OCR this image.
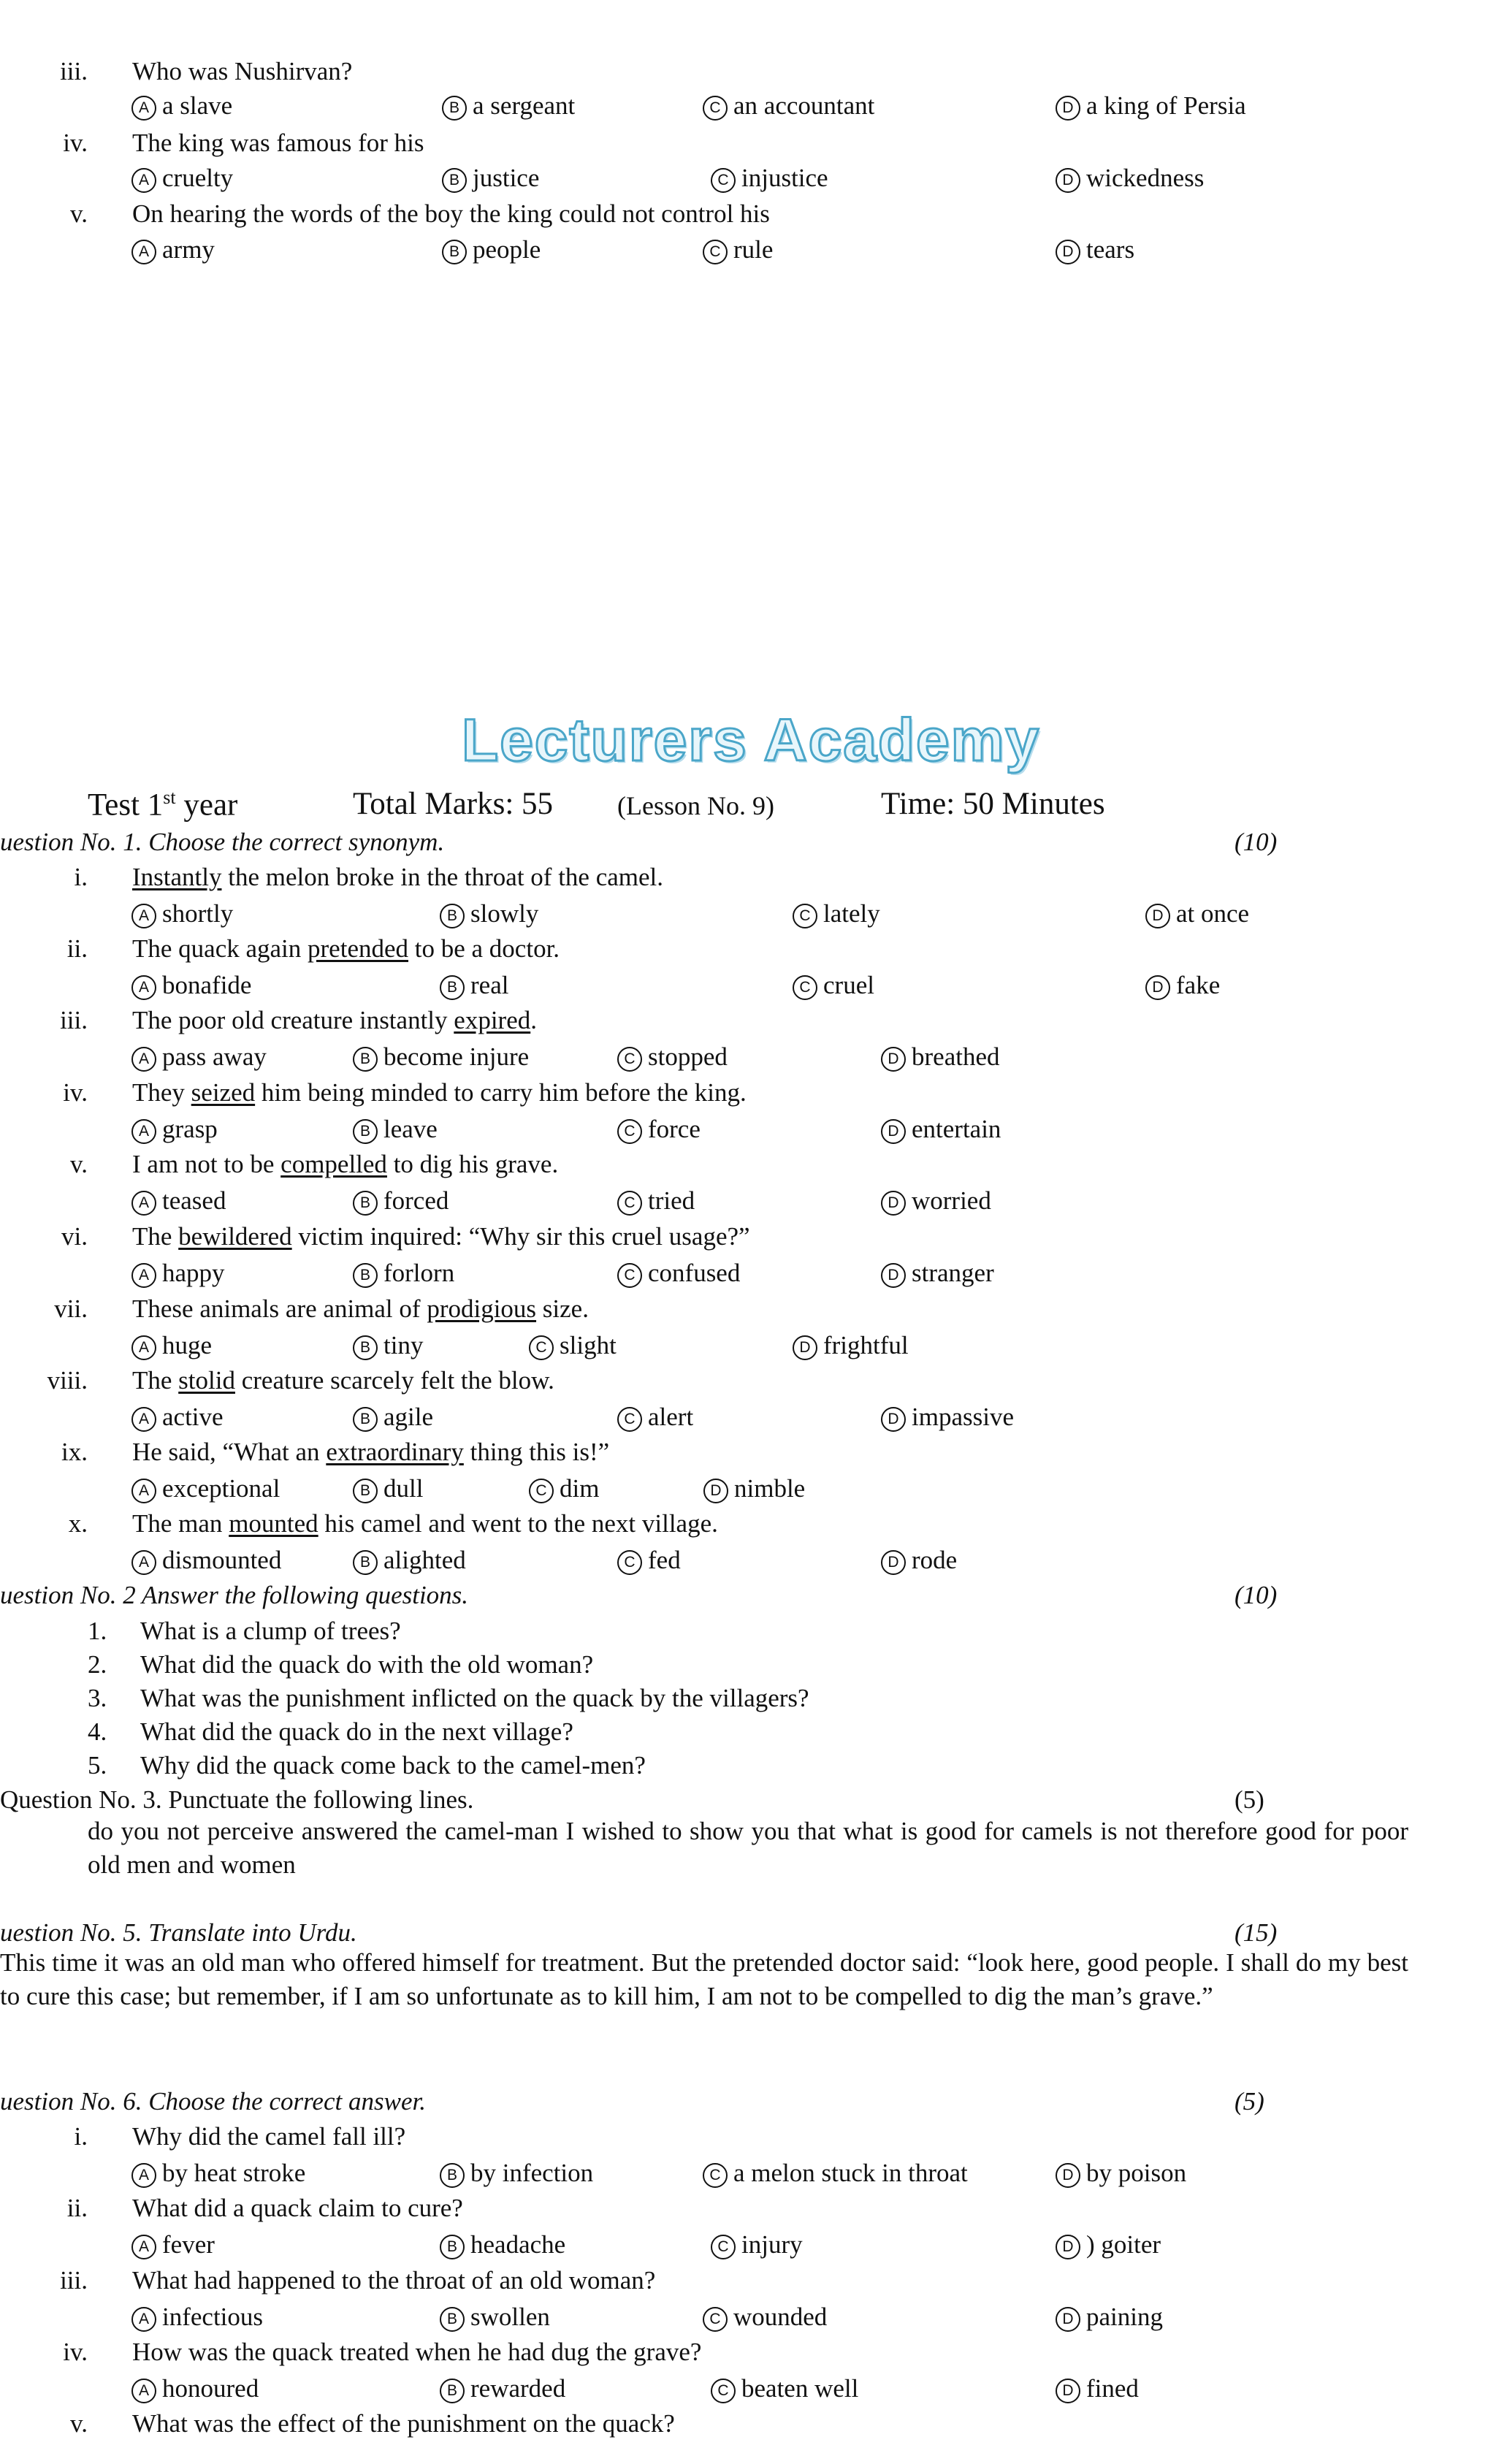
iii. Who was Nushirvan?
A a slave	B a sergeant	C an accountant	D a king of Persia
iv. The king was famous for his
A cruelty	B justice	C injustice	D wickedness
v. On hearing the words of the boy the king could not control his
A army	B people	C rule	D tears
Lecturers Academy
Test 1st year	Total Marks: 55 (Lesson No. 9)	Time: 50 Minutes
uestion No. 1. Choose the correct synonym.	(10)
i. Instantly the melon broke in the throat of the camel.
A shortly	B slowly	C lately	D at once
ii. The quack again pretended to be a doctor.
A bonafide	B real	C cruel	D fake
iii. The poor old creature instantly expired.
A pass away	B become injure	C stopped	D breathed
iv. They seized him being minded to carry him before the king.
A grasp	B leave	C force	D entertain
v. I am not to be compelled to dig his grave.
A teased	B forced	C tried	D worried
vi. The bewildered victim inquired: “Why sir this cruel usage?”
A happy	B forlorn	C confused	D stranger
vii. These animals are animal of prodigious size.
A huge	B tiny	C slight	D frightful
viii. The stolid creature scarcely felt the blow.
A active	B agile	C alert	D impassive
ix. He said, “What an extraordinary thing this is!”
A exceptional	B dull	C dim	D nimble
x. The man mounted his camel and went to the next village.
A dismounted	B alighted	C fed	D rode
uestion No. 2 Answer the following questions.	(10)
1. What is a clump of trees?
2. What did the quack do with the old woman?
3. What was the punishment inflicted on the quack by the villagers?
4. What did the quack do in the next village?
5. Why did the quack come back to the camel-men?
Question No. 3. Punctuate the following lines.	(5)
do you not perceive answered the camel-man I wished to show you that what is good for camels is not therefore good for poor old men and women
uestion No. 5. Translate into Urdu.	(15)
This time it was an old man who offered himself for treatment. But the pretended doctor said: “look here, good people. I shall do my best to cure this case; but remember, if I am so unfortunate as to kill him, I am not to be compelled to dig the man’s grave.”
uestion No. 6. Choose the correct answer.	(5)
i. Why did the camel fall ill?
A by heat stroke	B by infection	C a melon stuck in throat	D by poison
ii. What did a quack claim to cure?
A fever	B headache	C injury	D ) goiter
iii. What had happened to the throat of an old woman?
A infectious	B swollen	C wounded	D paining
iv. How was the quack treated when he had dug the grave?
A honoured	B rewarded	C beaten well	D fined
v. What was the effect of the punishment on the quack?
